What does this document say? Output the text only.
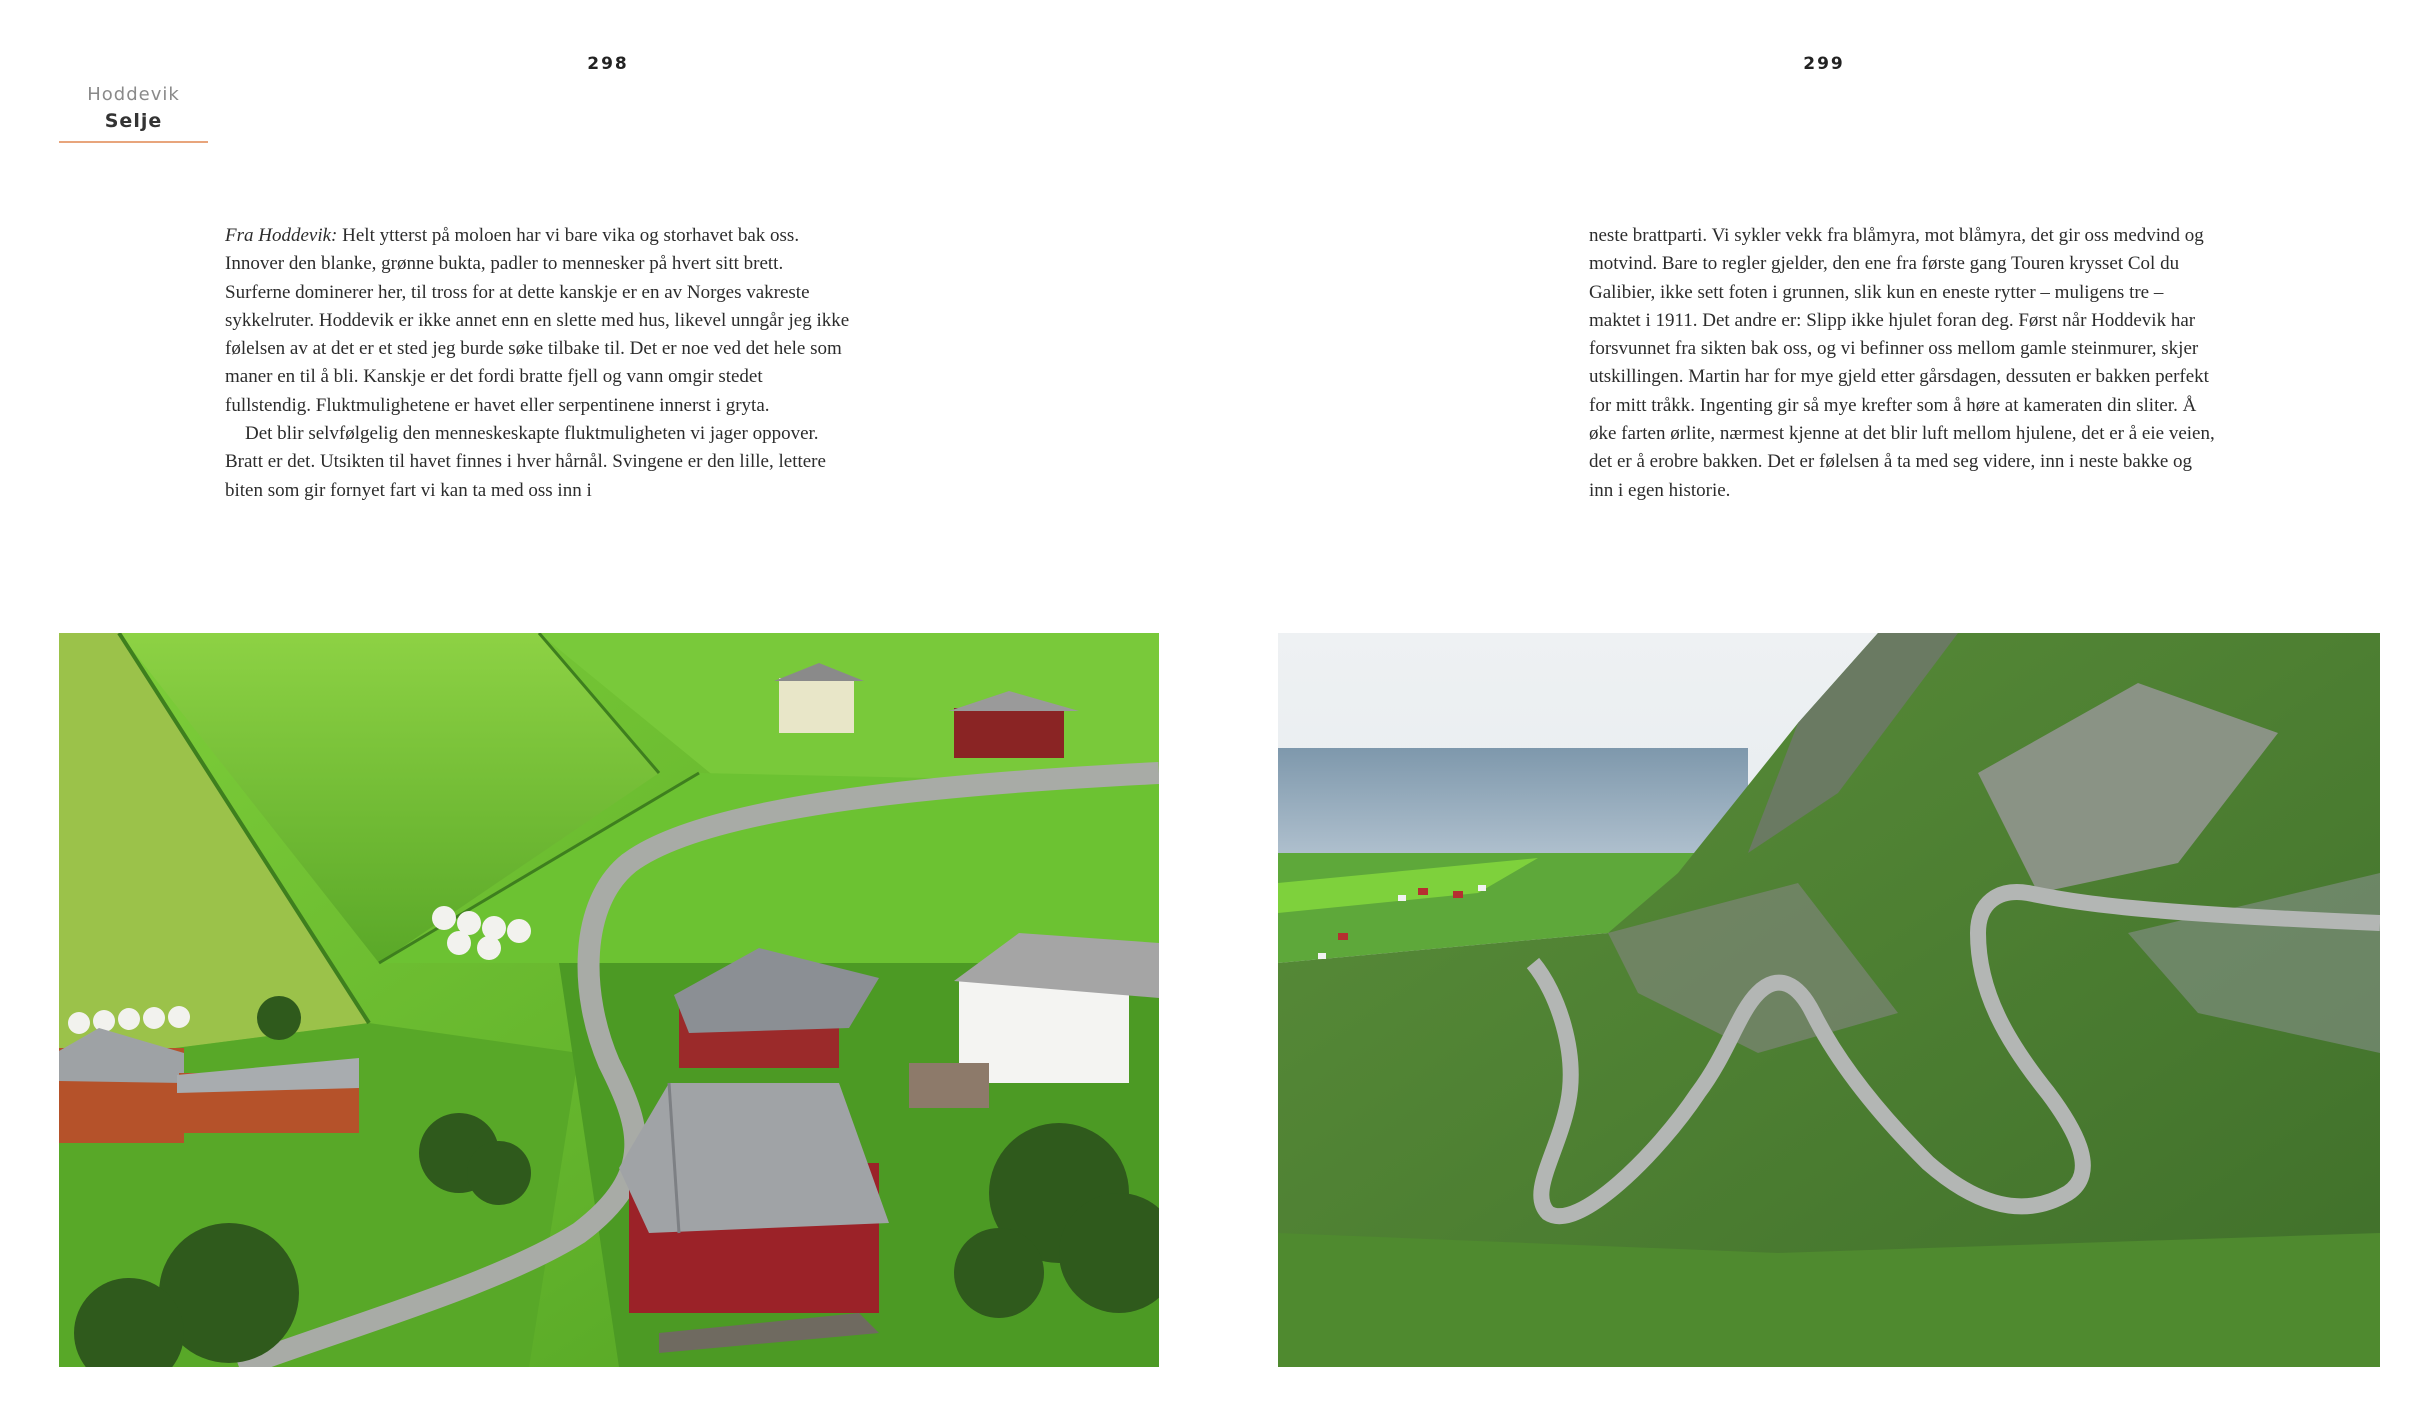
298	299
Hoddevik
Selje

Fra Hoddevik: Helt ytterst på moloen har vi bare vika og storhavet bak oss. Innover den blanke, grønne bukta, padler to mennesker på hvert sitt brett. Surferne dominerer her, til tross for at dette kanskje er en av Norges vakreste sykkelruter. Hoddevik er ikke annet enn en slette med hus, likevel unngår jeg ikke følelsen av at det er et sted jeg burde søke tilbake til. Det er noe ved det hele som maner en til å bli. Kanskje er det fordi bratte fjell og vann omgir stedet fullstendig. Fluktmulighetene er havet eller serpentinene innerst i gryta.

Det blir selvfølgelig den menneskeskapte fluktmuligheten vi jager oppover. Bratt er det. Utsikten til havet finnes i hver hårnål. Svingene er den lille, lettere biten som gir fornyet fart vi kan ta med oss inn i

neste brattparti. Vi sykler vekk fra blåmyra, mot blåmyra, det gir oss medvind og motvind. Bare to regler gjelder, den ene fra første gang Touren krysset Col du Galibier, ikke sett foten i grunnen, slik kun en eneste rytter – muligens tre – maktet i 1911. Det andre er: Slipp ikke hjulet foran deg. Først når Hoddevik har forsvunnet fra sikten bak oss, og vi befinner oss mellom gamle steinmurer, skjer utskillingen. Martin har for mye gjeld etter gårsdagen, dessuten er bakken perfekt for mitt tråkk. Ingenting gir så mye krefter som å høre at kameraten din sliter. Å øke farten ørlite, nærmest kjenne at det blir luft mellom hjulene, det er å eie veien, det er å erobre bakken. Det er følelsen å ta med seg videre, inn i neste bakke og inn i egen historie.
